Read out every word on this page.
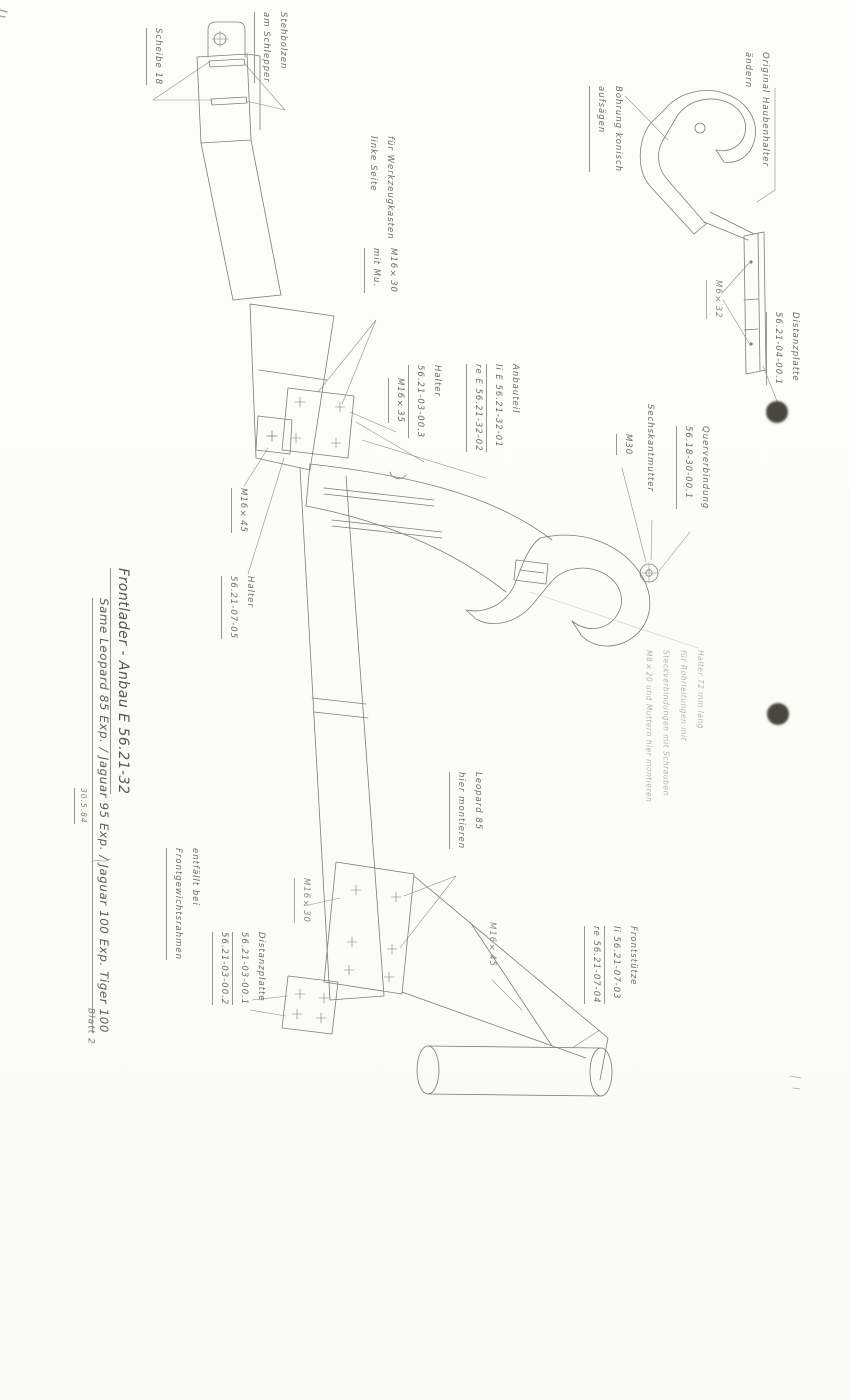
Scheibe 18	Stehbolzen
am Schlepper
Original Haubenhalter
ändern
Bohrung konisch
aufsägen
M6×32
Distanzplatte
56.21-04-00.1
für Werkzeugkasten
linke Seite
M16×30
mit Mu.
Halter
56.21-03-00.3
M16×35	Anbauteil
li E 56.21-32-01
re E 56.21-32-02
M16×45
Halter
56.21-07-05
Sechskantmutter
M30	Querverbindung
56.18-30-00.1
Halter 72 mm lang
für Rohrleitungen mit
Steckverbindungen mit Schrauben
M8×20 und Muttern hier montieren
Leopard 85
hier montieren
M16×30
Distanzplatte
56.21-03-00.1
56.21-03-00.2
entfällt bei
Frontgewichtsrahmen	M16×45	Frontstütze
li 56.21-07-03
re 56.21-07-04
Frontlader - Anbau E 56.21-32
Same Leopard 85 Exp. / Jaguar 95 Exp. / Jaguar 100 Exp. Tiger 100
30.5.84
Blatt 2
